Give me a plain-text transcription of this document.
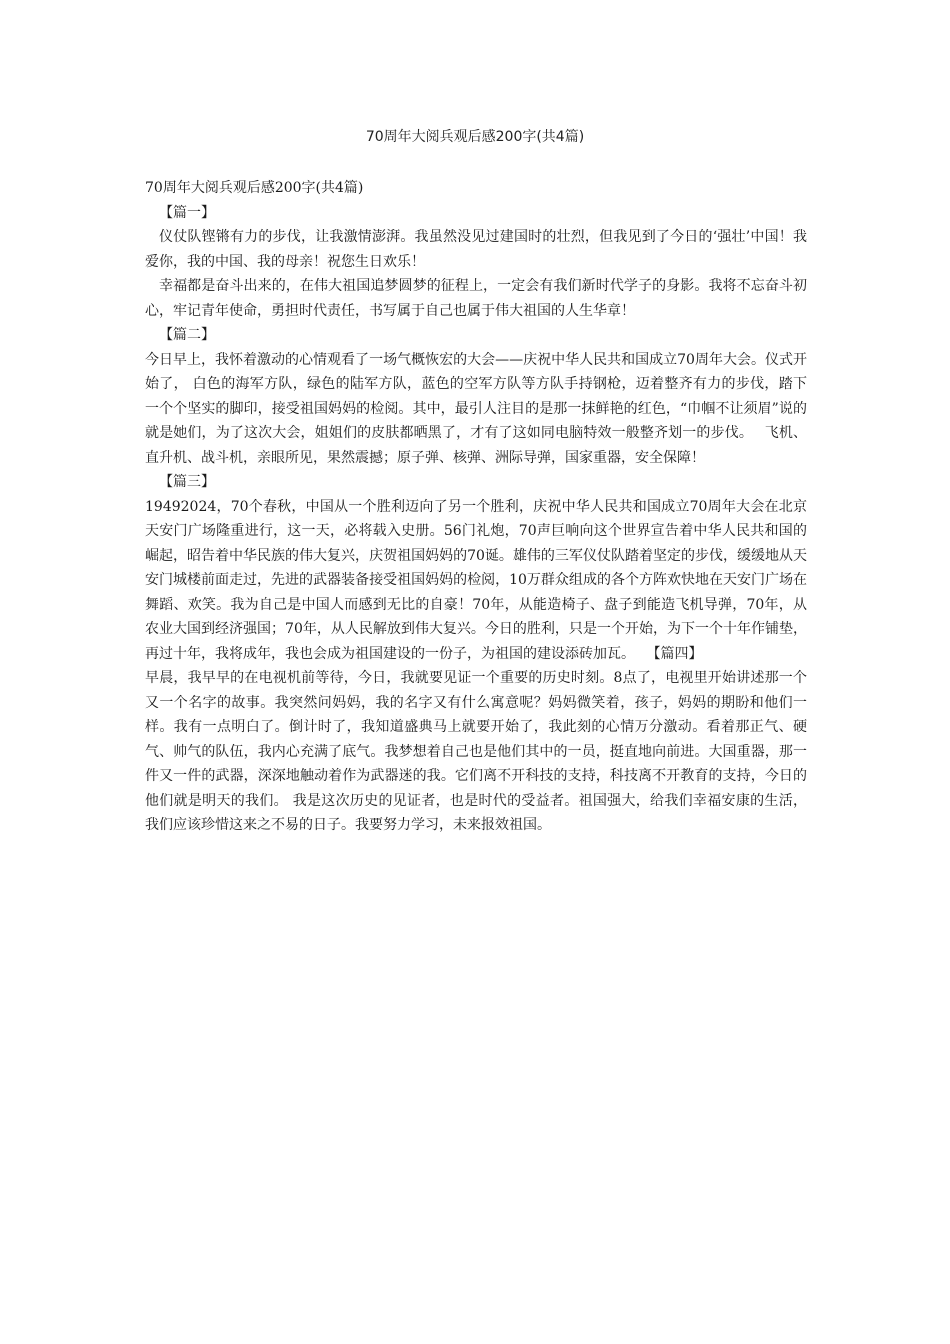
70周年大阅兵观后感200字(共4篇)

70周年大阅兵观后感200字(共4篇)

【篇一】

仪仗队铿锵有力的步伐，让我激情澎湃。我虽然没见过建国时的壮烈，但我见到了今日的‘强壮’中国！我爱你，我的中国、我的母亲！祝您生日欢乐！

幸福都是奋斗出来的，在伟大祖国追梦圆梦的征程上，一定会有我们新时代学子的身影。我将不忘奋斗初心，牢记青年使命，勇担时代责任，书写属于自己也属于伟大祖国的人生华章！

【篇二】

今日早上，我怀着激动的心情观看了一场气概恢宏的大会——庆祝中华人民共和国成立70周年大会。仪式开始了， 白色的海军方队，绿色的陆军方队，蓝色的空军方队等方队手持钢枪，迈着整齐有力的步伐，踏下一个个坚实的脚印，接受祖国妈妈的检阅。其中，最引人注目的是那一抹鲜艳的红色，“巾帼不让须眉”说的就是她们，为了这次大会，姐姐们的皮肤都晒黑了，才有了这如同电脑特效一般整齐划一的步伐。　 飞机、直升机、战斗机，亲眼所见，果然震撼；原子弹、核弹、洲际导弹，国家重器，安全保障！

【篇三】

19492024，70个春秋，中国从一个胜利迈向了另一个胜利，庆祝中华人民共和国成立70周年大会在北京天安门广场隆重进行，这一天，必将载入史册。56门礼炮，70声巨响向这个世界宣告着中华人民共和国的崛起，昭告着中华民族的伟大复兴，庆贺祖国妈妈的70诞。雄伟的三军仪仗队踏着坚定的步伐，缓缓地从天安门城楼前面走过，先进的武器装备接受祖国妈妈的检阅，10万群众组成的各个方阵欢快地在天安门广场在舞蹈、欢笑。我为自己是中国人而感到无比的自豪！70年，从能造椅子、盘子到能造飞机导弹，70年，从农业大国到经济强国；70年，从人民解放到伟大复兴。今日的胜利，只是一个开始，为下一个十年作铺垫，再过十年，我将成年，我也会成为祖国建设的一份子，为祖国的建设添砖加瓦。　 【篇四】

早晨，我早早的在电视机前等待，今日，我就要见证一个重要的历史时刻。8点了，电视里开始讲述那一个又一个名字的故事。我突然问妈妈，我的名字又有什么寓意呢？妈妈微笑着，孩子，妈妈的期盼和他们一样。我有一点明白了。倒计时了，我知道盛典马上就要开始了，我此刻的心情万分激动。看着那正气、硬气、帅气的队伍，我内心充满了底气。我梦想着自己也是他们其中的一员，挺直地向前进。大国重器，那一件又一件的武器，深深地触动着作为武器迷的我。它们离不开科技的支持，科技离不开教育的支持，今日的他们就是明天的我们。 我是这次历史的见证者，也是时代的受益者。祖国强大，给我们幸福安康的生活，我们应该珍惜这来之不易的日子。我要努力学习，未来报效祖国。
